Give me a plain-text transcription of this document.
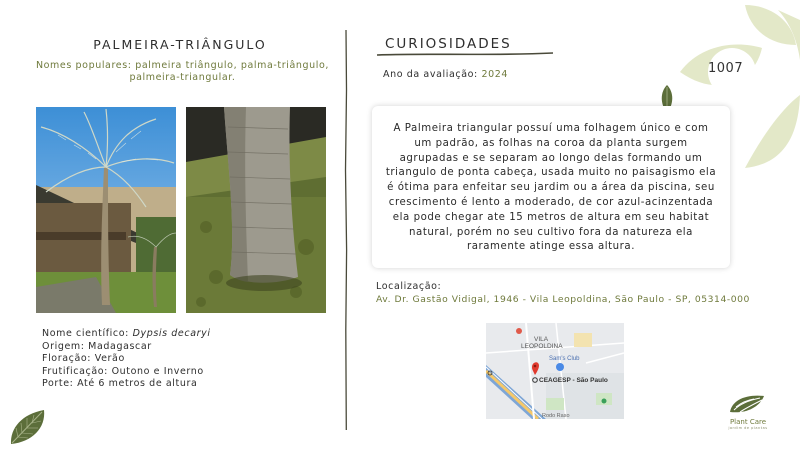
1007
PALMEIRA-TRIÂNGULO
Nomes populares: palmeira triângulo, palma-triângulo, palmeira-triangular.
Nome científico: Dypsis decaryi
Origem: Madagascar
Floração: Verão
Frutificação: Outono e Inverno
Porte: Até 6 metros de altura
CURIOSIDADES
Ano da avaliação: 2024

A Palmeira triangular possuí uma folhagem único e com um padrão, as folhas na coroa da planta surgem agrupadas e se separam ao longo delas formando um triangulo de ponta cabeça, usada muito no paisagismo ela é ótima para enfeitar seu jardim ou a área da piscina, seu crescimento é lento a moderado, de cor azul-acinzentada ela pode chegar ate 15 metros de altura em seu habitat natural, porém no seu cultivo fora da natureza ela raramente atinge essa altura.

Localização:
Av. Dr. Gastão Vidigal, 1946 - Vila Leopoldina, São Paulo - SP, 05314-000
VILA
LEOPOLDINA
Sam's Club
CEAGESP - São Paulo
Rodo Raso
Plant Care
jardim de plantas
